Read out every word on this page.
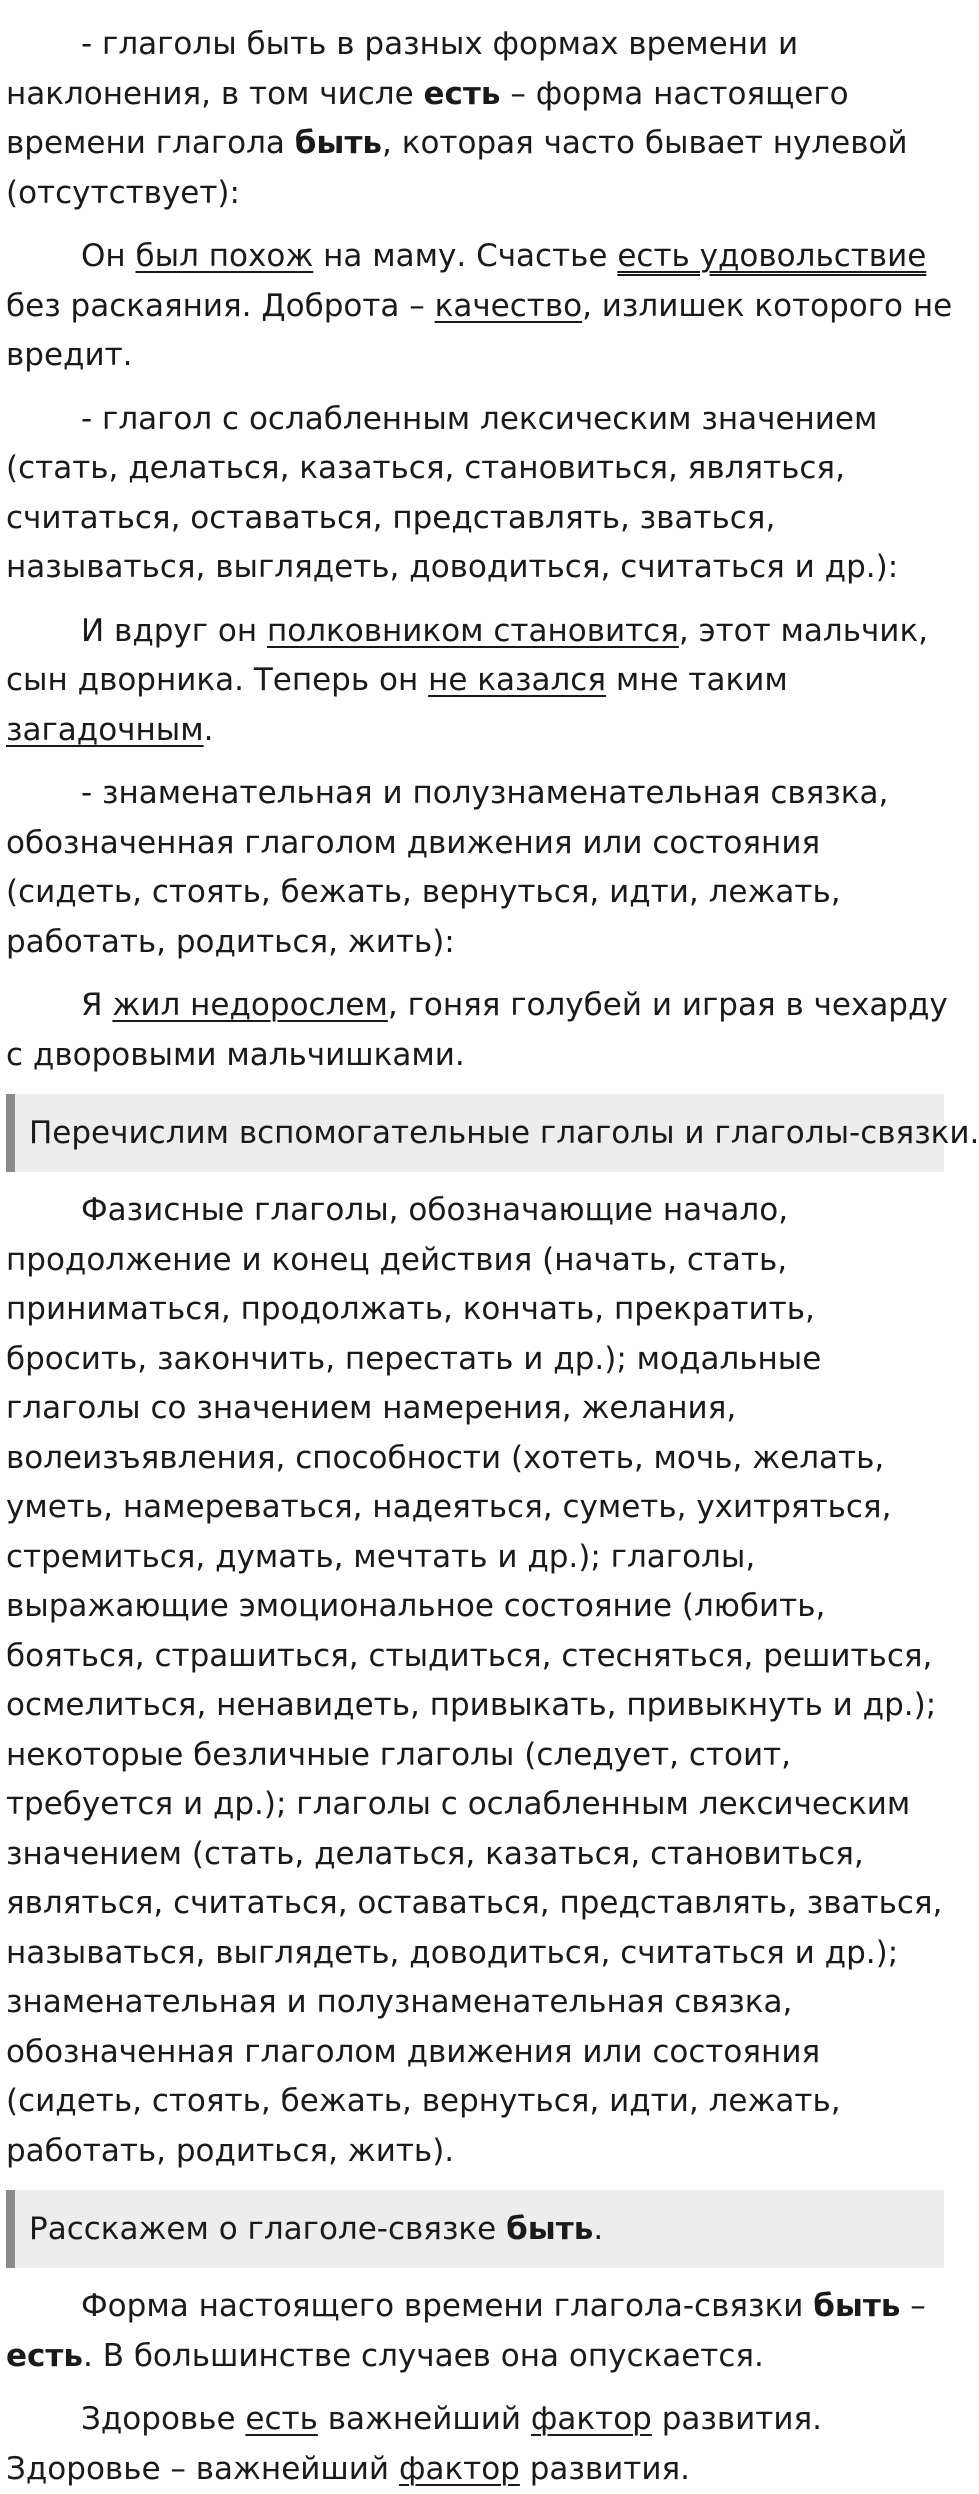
- глаголы быть в разных формах времени и наклонения, в том числе есть – форма настоящего времени глагола быть, которая часто бывает нулевой (отсутствует):

Он был похож на маму. Счастье есть удовольствие без раскаяния. Доброта – качество, излишек которого не вредит.

- глагол с ослабленным лексическим значением (стать, делаться, казаться, становиться, являться, считаться, оставаться, представлять, зваться, называться, выглядеть, доводиться, считаться и др.):

И вдруг он полковником становится, этот мальчик, сын дворника. Теперь он не казался мне таким загадочным.

- знаменательная и полузнаменательная связка, обозначенная глаголом движения или состояния (сидеть, стоять, бежать, вернуться, идти, лежать, работать, родиться, жить):

Я жил недорослем, гоняя голубей и играя в чехарду с дворовыми мальчишками.

Перечислим вспомогательные глаголы и глаголы-связки.

Фазисные глаголы, обозначающие начало, продолжение и конец действия (начать, стать, приниматься, продолжать, кончать, прекратить, бросить, закончить, перестать и др.); модальные глаголы со значением намерения, желания, волеизъявления, способности (хотеть, мочь, желать, уметь, намереваться, надеяться, суметь, ухитряться, стремиться, думать, мечтать и др.); глаголы, выражающие эмоциональное состояние (любить, бояться, страшиться, стыдиться, стесняться, решиться, осмелиться, ненавидеть, привыкать, привыкнуть и др.); некоторые безличные глаголы (следует, стоит, требуется и др.); глаголы с ослабленным лексическим значением (стать, делаться, казаться, становиться, являться, считаться, оставаться, представлять, зваться, называться, выглядеть, доводиться, считаться и др.); знаменательная и полузнаменательная связка, обозначенная глаголом движения или состояния (сидеть, стоять, бежать, вернуться, идти, лежать, работать, родиться, жить).

Расскажем о глаголе-связке быть.

Форма настоящего времени глагола-связки быть – есть. В большинстве случаев она опускается.

Здоровье есть важнейший фактор развития. Здоровье – важнейший фактор развития.
